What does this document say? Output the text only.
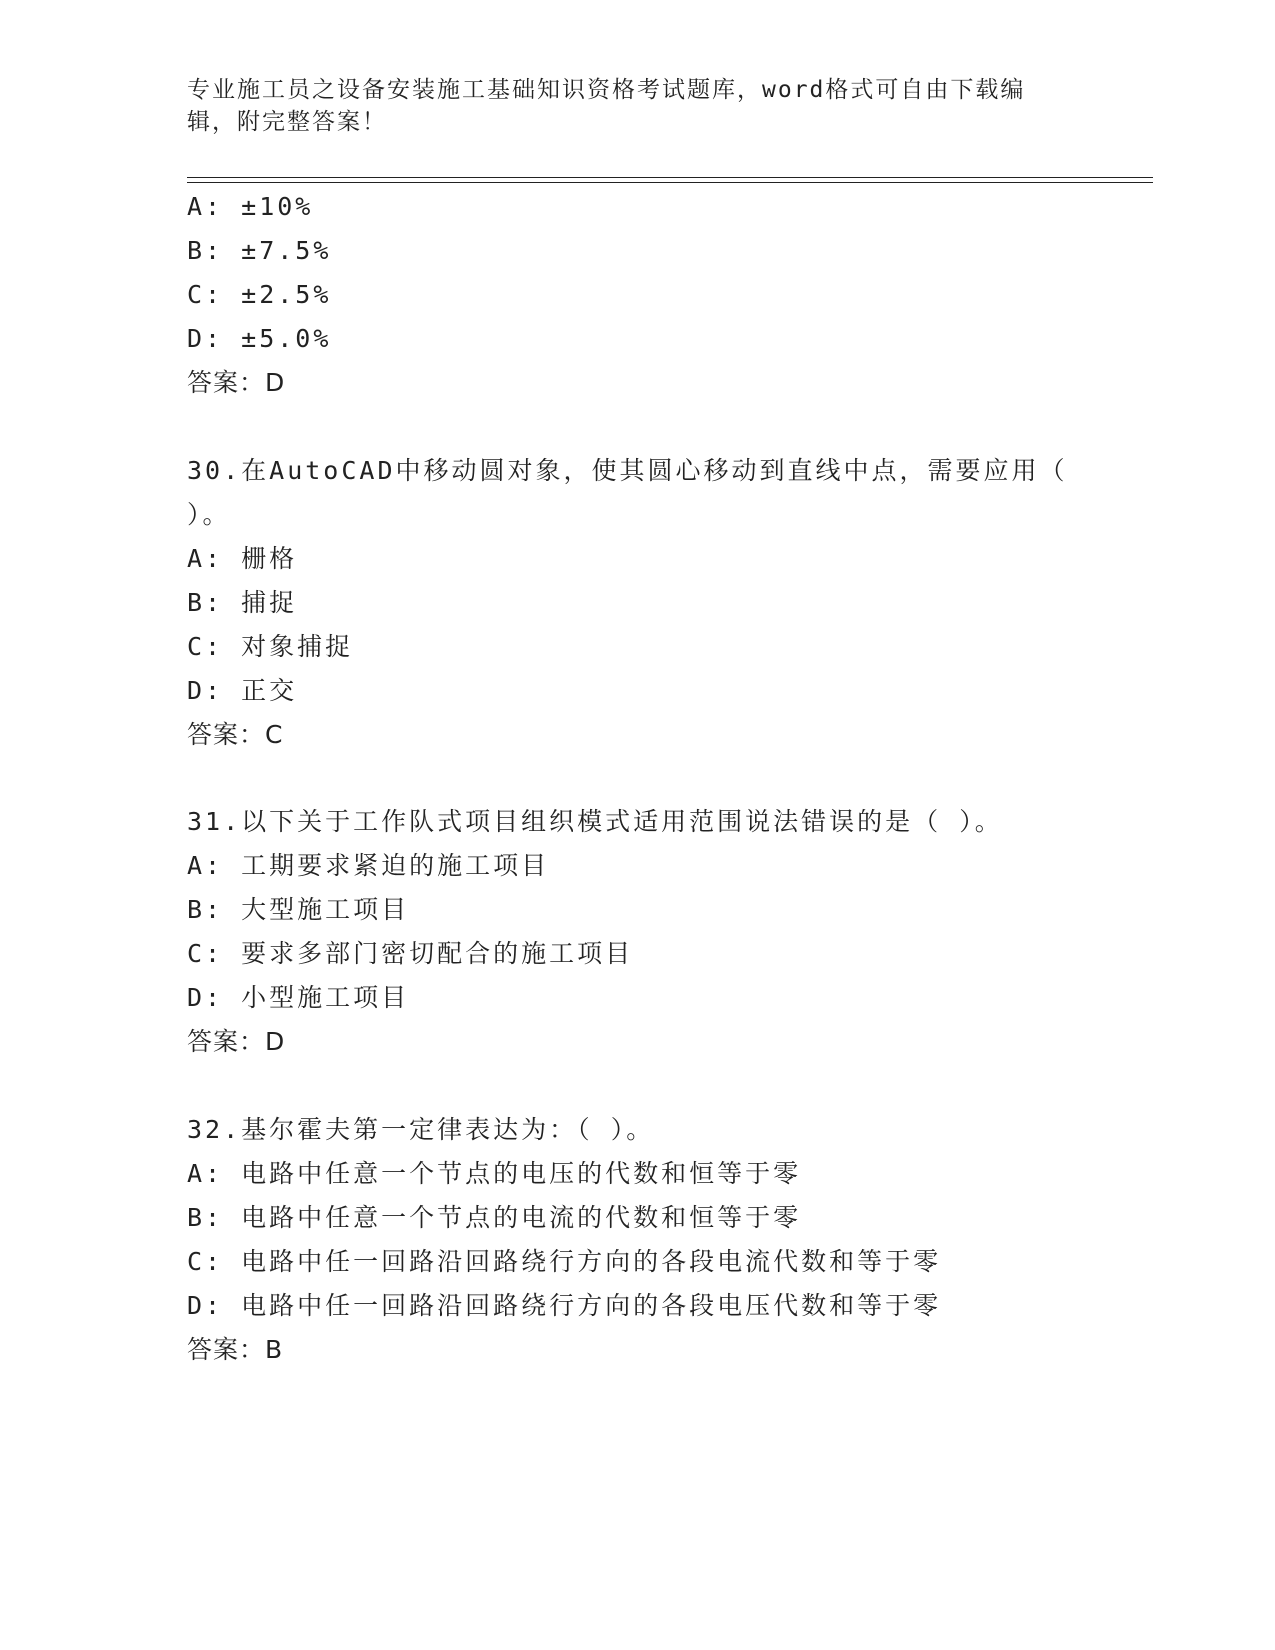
专业施工员之设备安装施工基础知识资格考试题库，word格式可自由下载编辑，附完整答案！
A: ±10%
B: ±7.5%
C: ±2.5%
D: ±5.0%
答案：D
30.在AutoCAD中移动圆对象，使其圆心移动到直线中点，需要应用（
）。
A: 栅格
B: 捕捉
C: 对象捕捉
D: 正交
答案：C
31.以下关于工作队式项目组织模式适用范围说法错误的是（ ）。
A: 工期要求紧迫的施工项目
B: 大型施工项目
C: 要求多部门密切配合的施工项目
D: 小型施工项目
答案：D
32.基尔霍夫第一定律表达为：（ ）。
A: 电路中任意一个节点的电压的代数和恒等于零
B: 电路中任意一个节点的电流的代数和恒等于零
C: 电路中任一回路沿回路绕行方向的各段电流代数和等于零
D: 电路中任一回路沿回路绕行方向的各段电压代数和等于零
答案：B
